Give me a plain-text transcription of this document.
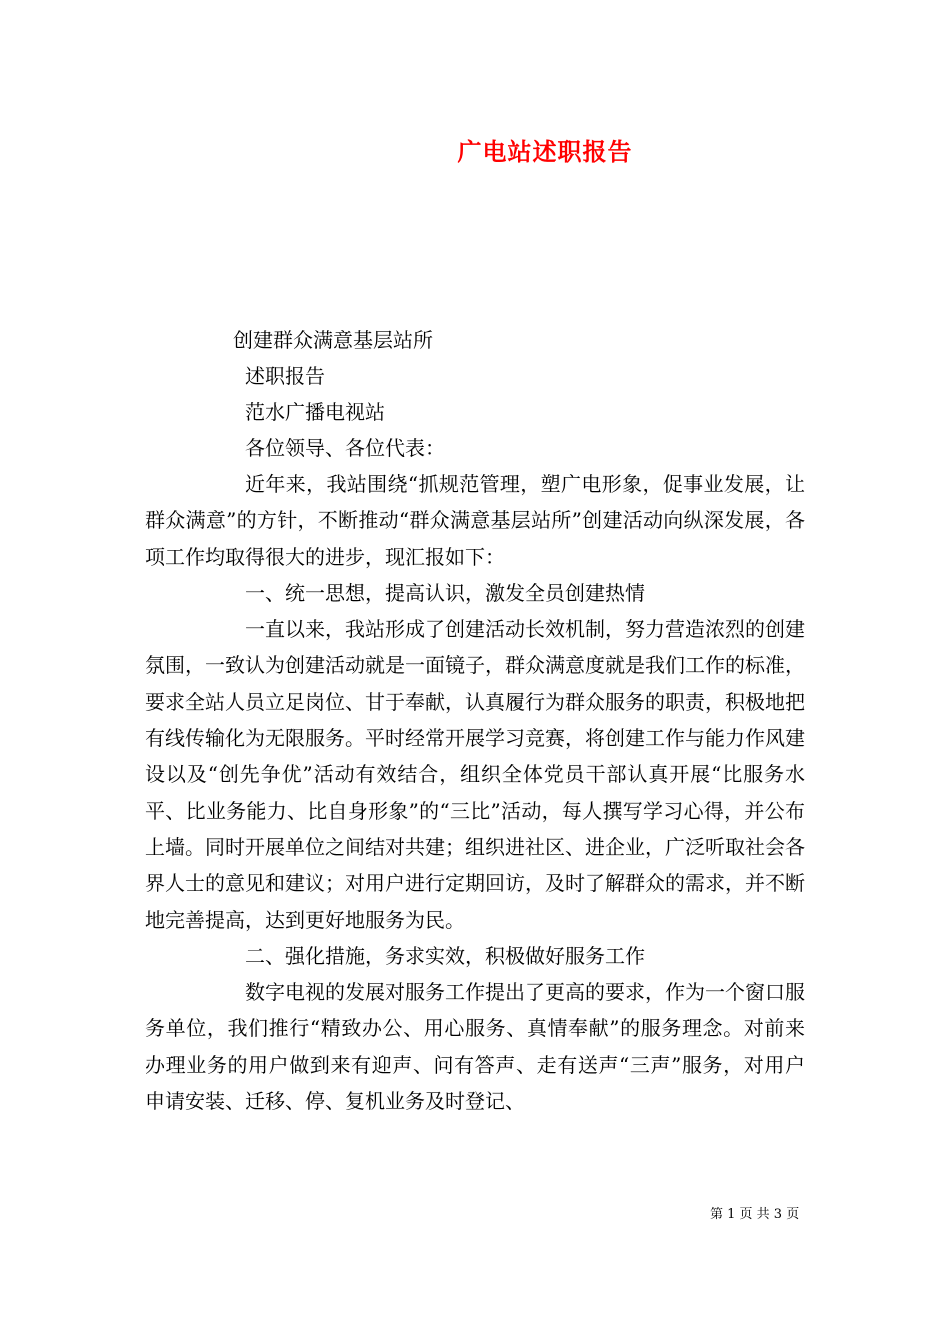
广电站述职报告
创建群众满意基层站所
述职报告
范水广播电视站
各位领导、各位代表：

近年来，我站围绕“抓规范管理，塑广电形象，促事业发展，让群众满意”的方针，不断推动“群众满意基层站所”创建活动向纵深发展，各项工作均取得很大的进步，现汇报如下：

一、统一思想，提高认识，激发全员创建热情

一直以来，我站形成了创建活动长效机制，努力营造浓烈的创建氛围，一致认为创建活动就是一面镜子，群众满意度就是我们工作的标准，要求全站人员立足岗位、甘于奉献，认真履行为群众服务的职责，积极地把有线传输化为无限服务。平时经常开展学习竞赛，将创建工作与能力作风建设以及“创先争优”活动有效结合，组织全体党员干部认真开展“比服务水平、比业务能力、比自身形象”的“三比”活动，每人撰写学习心得，并公布上墙。同时开展单位之间结对共建；组织进社区、进企业，广泛听取社会各界人士的意见和建议；对用户进行定期回访，及时了解群众的需求，并不断地完善提高，达到更好地服务为民。

二、强化措施，务求实效，积极做好服务工作

数字电视的发展对服务工作提出了更高的要求，作为一个窗口服务单位，我们推行“精致办公、用心服务、真情奉献”的服务理念。对前来办理业务的用户做到来有迎声、问有答声、走有送声“三声”服务，对用户申请安装、迁移、停、复机业务及时登记、

第 1 页 共 3 页
